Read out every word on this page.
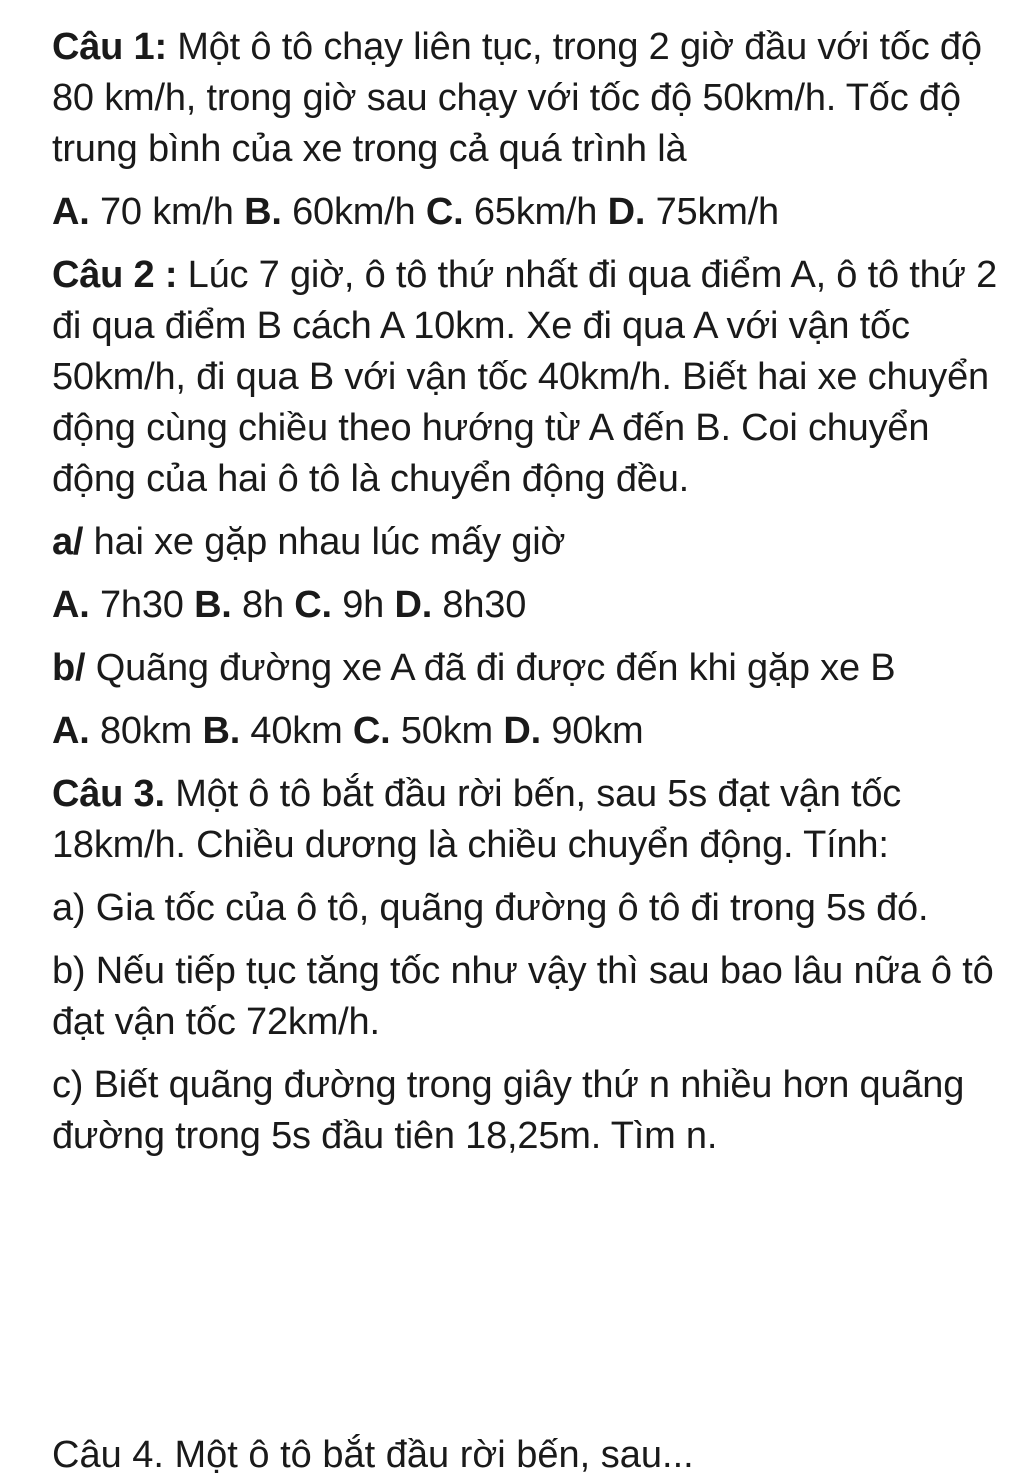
Câu 1: Một ô tô chạy liên tục, trong 2 giờ đầu với tốc độ 80 km/h, trong giờ sau chạy với tốc độ 50km/h. Tốc độ trung bình của xe trong cả quá trình là

A. 70 km/h B. 60km/h C. 65km/h D. 75km/h

Câu 2 : Lúc 7 giờ, ô tô thứ nhất đi qua điểm A, ô tô thứ 2 đi qua điểm B cách A 10km. Xe đi qua A với vận tốc 50km/h, đi qua B với vận tốc 40km/h. Biết hai xe chuyển động cùng chiều theo hướng từ A đến B. Coi chuyển động của hai ô tô là chuyển động đều.

a/ hai xe gặp nhau lúc mấy giờ

A. 7h30 B. 8h C. 9h D. 8h30

b/ Quãng đường xe A đã đi được đến khi gặp xe B

A. 80km B. 40km C. 50km D. 90km

Câu 3. Một ô tô bắt đầu rời bến, sau 5s đạt vận tốc 18km/h. Chiều dương là chiều chuyển động. Tính:

a) Gia tốc của ô tô, quãng đường ô tô đi trong 5s đó.

b) Nếu tiếp tục tăng tốc như vậy thì sau bao lâu nữa ô tô đạt vận tốc 72km/h.

c) Biết quãng đường trong giây thứ n nhiều hơn quãng đường trong 5s đầu tiên 18,25m. Tìm n.

Câu 4. Một ô tô bắt đầu rời bến, sau...
